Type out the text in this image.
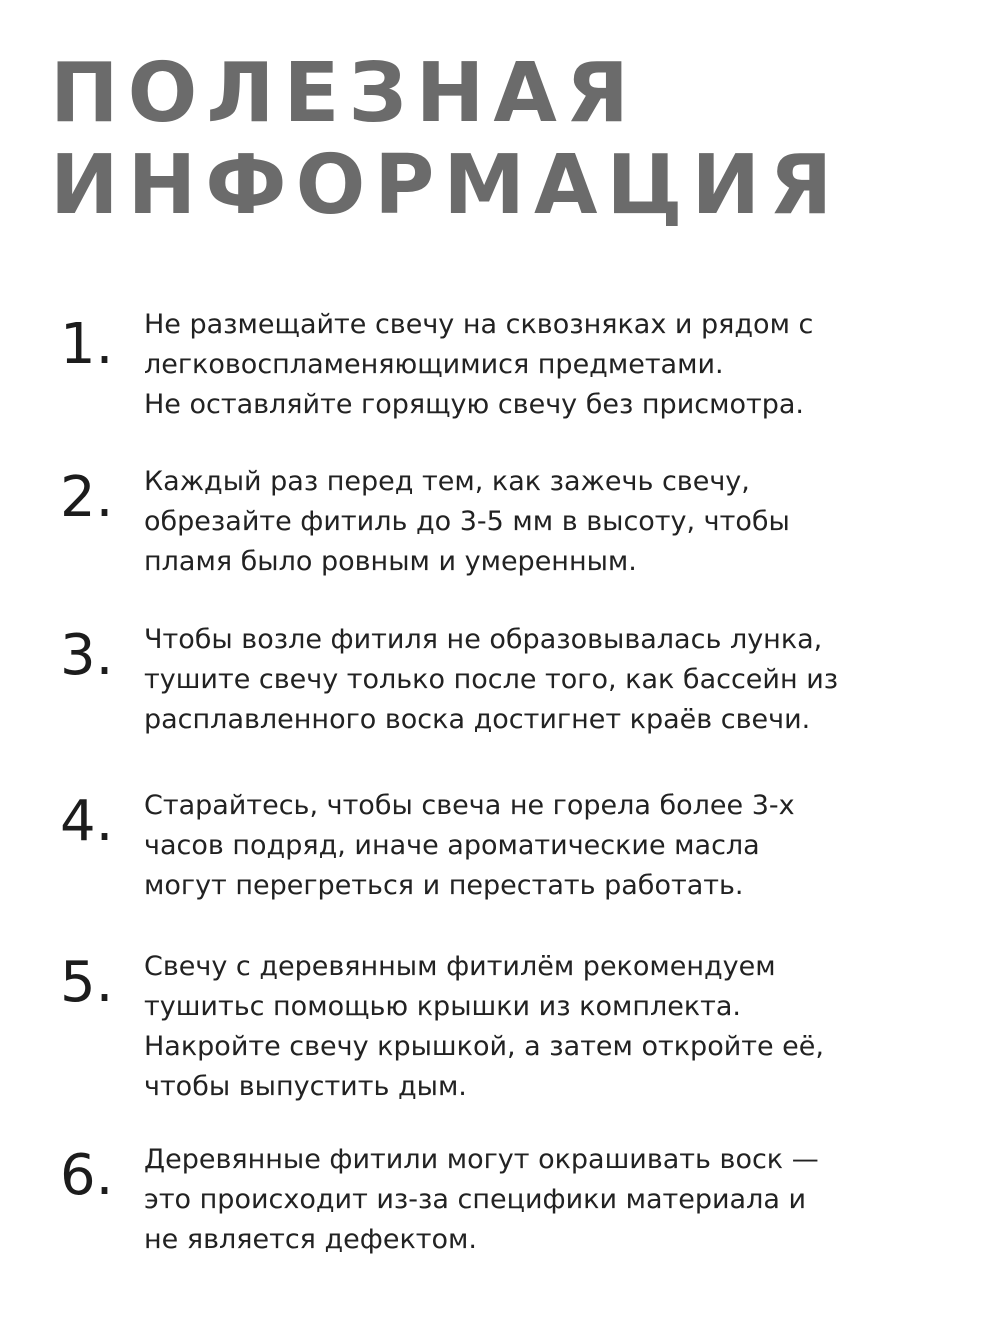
ПОЛЕЗНАЯ
ИНФОРМАЦИЯ
1.	Не размещайте свечу на сквозняках и рядом с
легковоспламеняющимися предметами.
Не оставляйте горящую свечу без присмотра.
2.	Каждый раз перед тем, как зажечь свечу,
обрезайте фитиль до 3-5 мм в высоту, чтобы
пламя было ровным и умеренным.
3.	Чтобы возле фитиля не образовывалась лунка,
тушите свечу только после того, как бассейн из
расплавленного воска достигнет краёв свечи.
4.	Старайтесь, чтобы свеча не горела более 3-х
часов подряд, иначе ароматические масла
могут перегреться и перестать работать.
5.	Свечу с деревянным фитилём рекомендуем
тушитьс помощью крышки из комплекта.
Накройте свечу крышкой, а затем откройте её,
чтобы выпустить дым.
6.	Деревянные фитили могут окрашивать воск —
это происходит из-за специфики материала и
не является дефектом.
